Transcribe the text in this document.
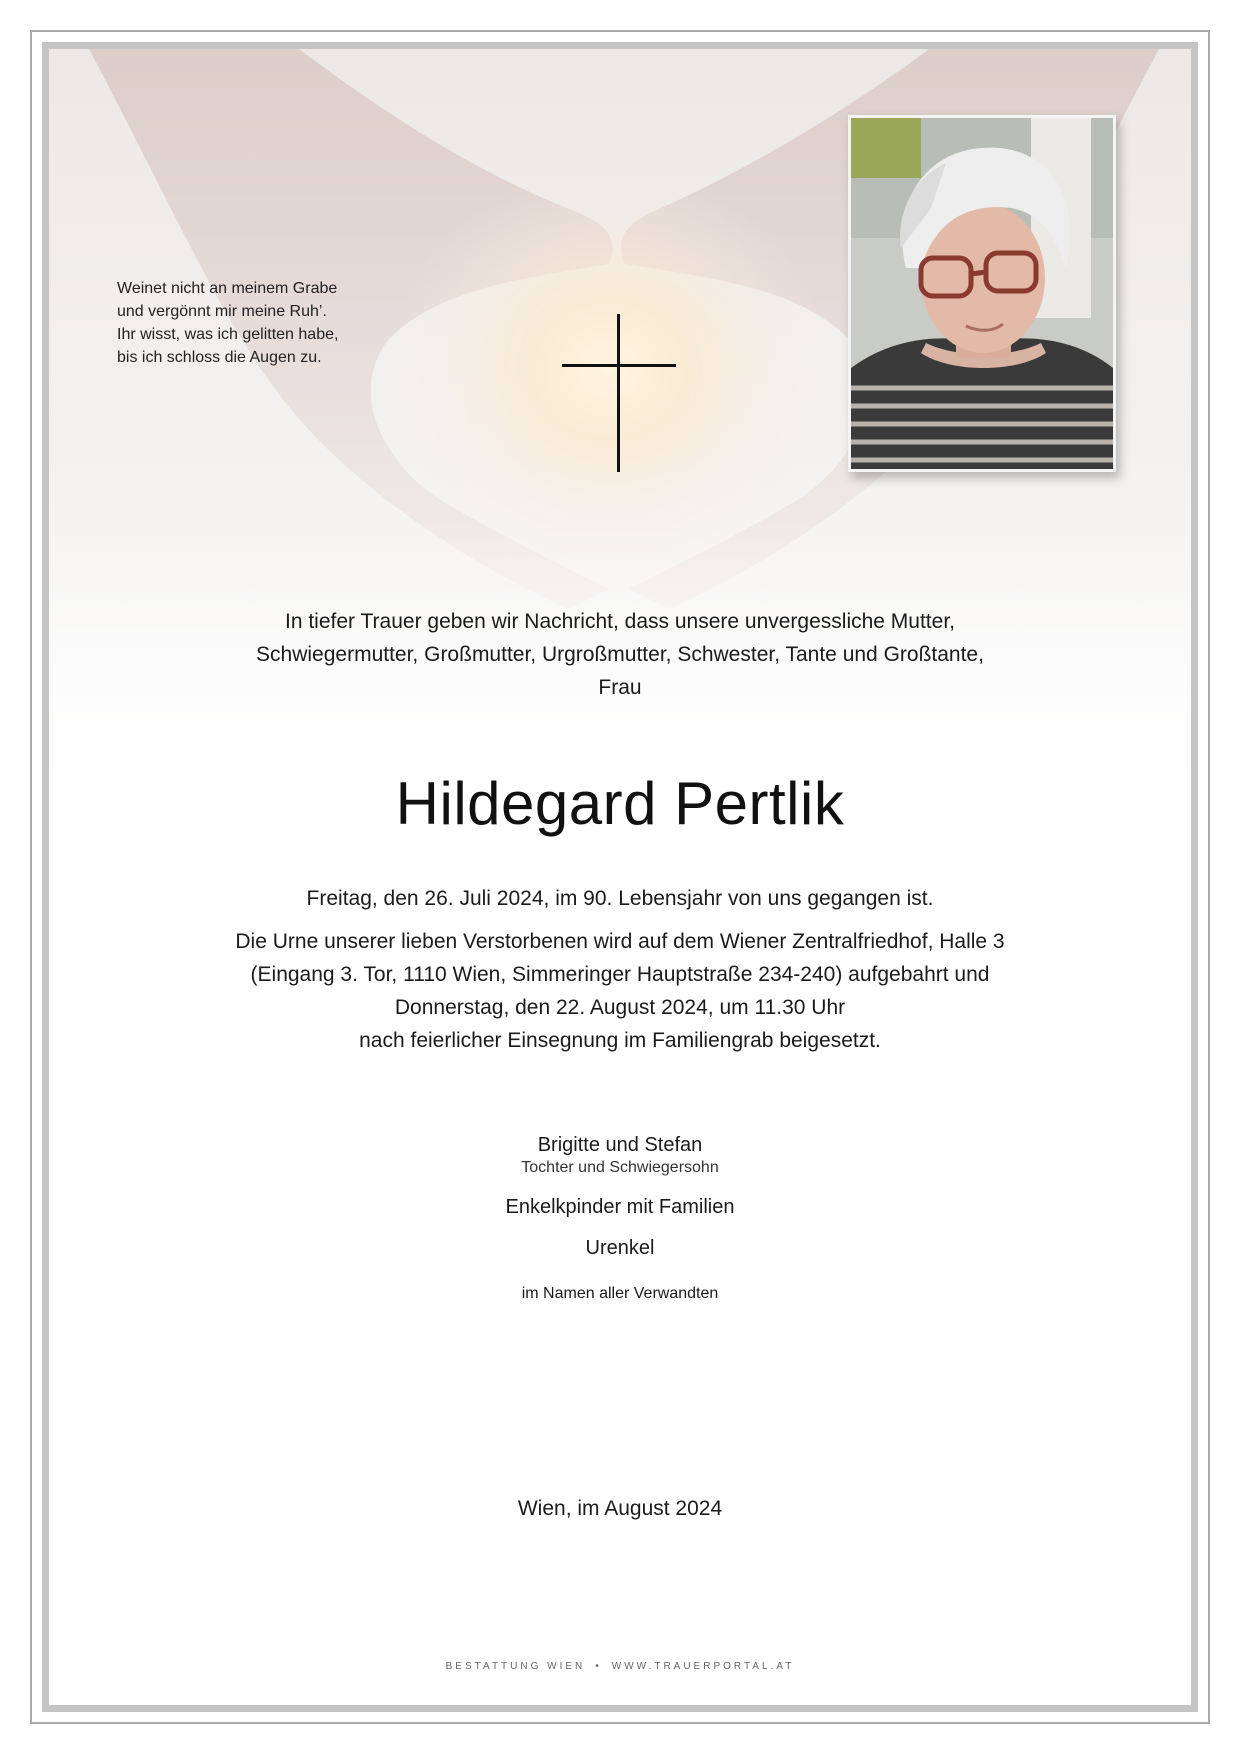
Weinet nicht an meinem Grabe
und vergönnt mir meine Ruh’.
Ihr wisst, was ich gelitten habe,
bis ich schloss die Augen zu.
In tiefer Trauer geben wir Nachricht, dass unsere unvergessliche Mutter,
Schwiegermutter, Großmutter, Urgroßmutter, Schwester, Tante und Großtante,
Frau
Hildegard Pertlik
Freitag, den 26. Juli 2024, im 90. Lebensjahr von uns gegangen ist.
Die Urne unserer lieben Verstorbenen wird auf dem Wiener Zentralfriedhof, Halle 3
(Eingang 3. Tor, 1110 Wien, Simmeringer Hauptstraße 234-240) aufgebahrt und
Donnerstag, den 22. August 2024, um 11.30 Uhr
nach feierlicher Einsegnung im Familiengrab beigesetzt.
Brigitte und Stefan
Tochter und Schwiegersohn
Enkelkpinder mit Familien
Urenkel
im Namen aller Verwandten
Wien, im August 2024
BESTATTUNG WIEN • WWW.TRAUERPORTAL.AT
